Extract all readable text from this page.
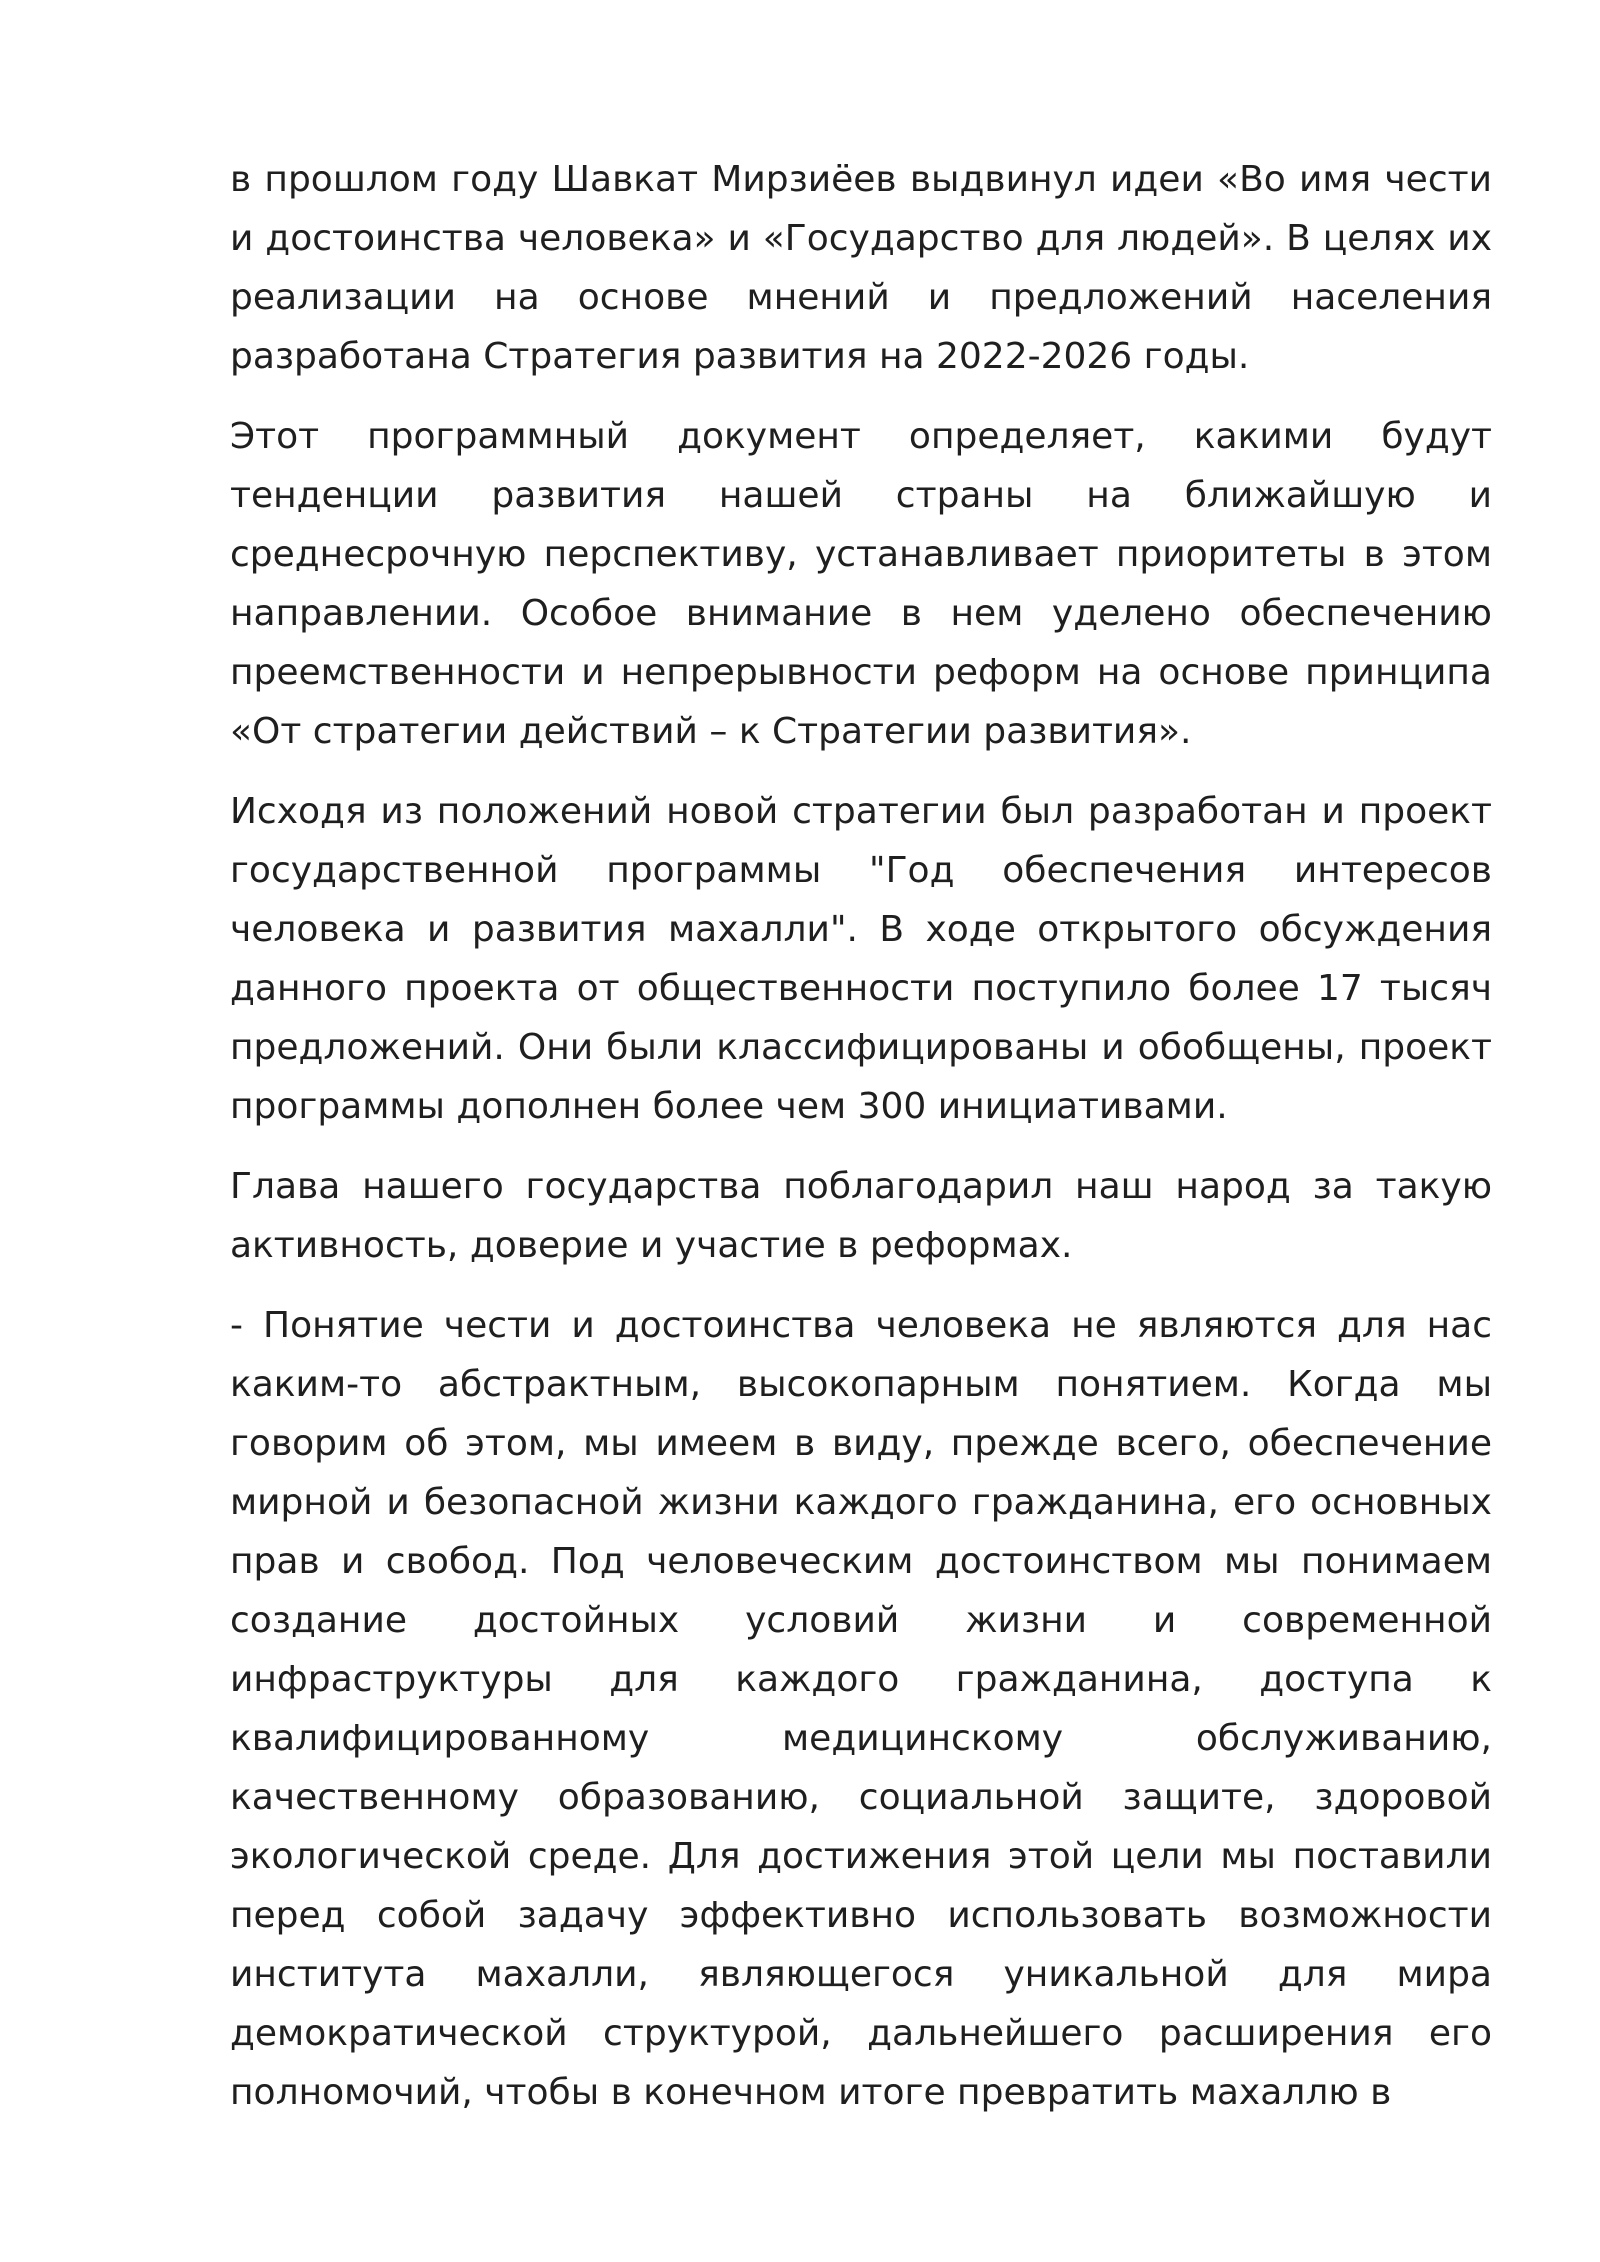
в прошлом году Шавкат Мирзиёев выдвинул идеи «Во имя чести и достоинства человека» и «Государство для людей». В целях их реализации на основе мнений и предложений населения разработана Стратегия развития на 2022-2026 годы.

Этот программный документ определяет, какими будут тенденции развития нашей страны на ближайшую и среднесрочную перспективу, устанавливает приоритеты в этом направлении. Особое внимание в нем уделено обеспечению преемственности и непрерывности реформ на основе принципа «От стратегии действий – к Стратегии развития».

Исходя из положений новой стратегии был разработан и проект государственной программы "Год обеспечения интересов человека и развития махалли". В ходе открытого обсуждения данного проекта от общественности поступило более 17 тысяч предложений. Они были классифицированы и обобщены, проект программы дополнен более чем 300 инициативами.

Глава нашего государства поблагодарил наш народ за такую активность, доверие и участие в реформах.

- Понятие чести и достоинства человека не являются для нас каким-то абстрактным, высокопарным понятием. Когда мы говорим об этом, мы имеем в виду, прежде всего, обеспечение мирной и безопасной жизни каждого гражданина, его основных прав и свобод. Под человеческим достоинством мы понимаем создание достойных условий жизни и современной инфраструктуры для каждого гражданина, доступа к квалифицированному медицинскому обслуживанию, качественному образованию, социальной защите, здоровой экологической среде. Для достижения этой цели мы поставили перед собой задачу эффективно использовать возможности института махалли, являющегося уникальной для мира демократической структурой, дальнейшего расширения его полномочий, чтобы в конечном итоге превратить махаллю в
